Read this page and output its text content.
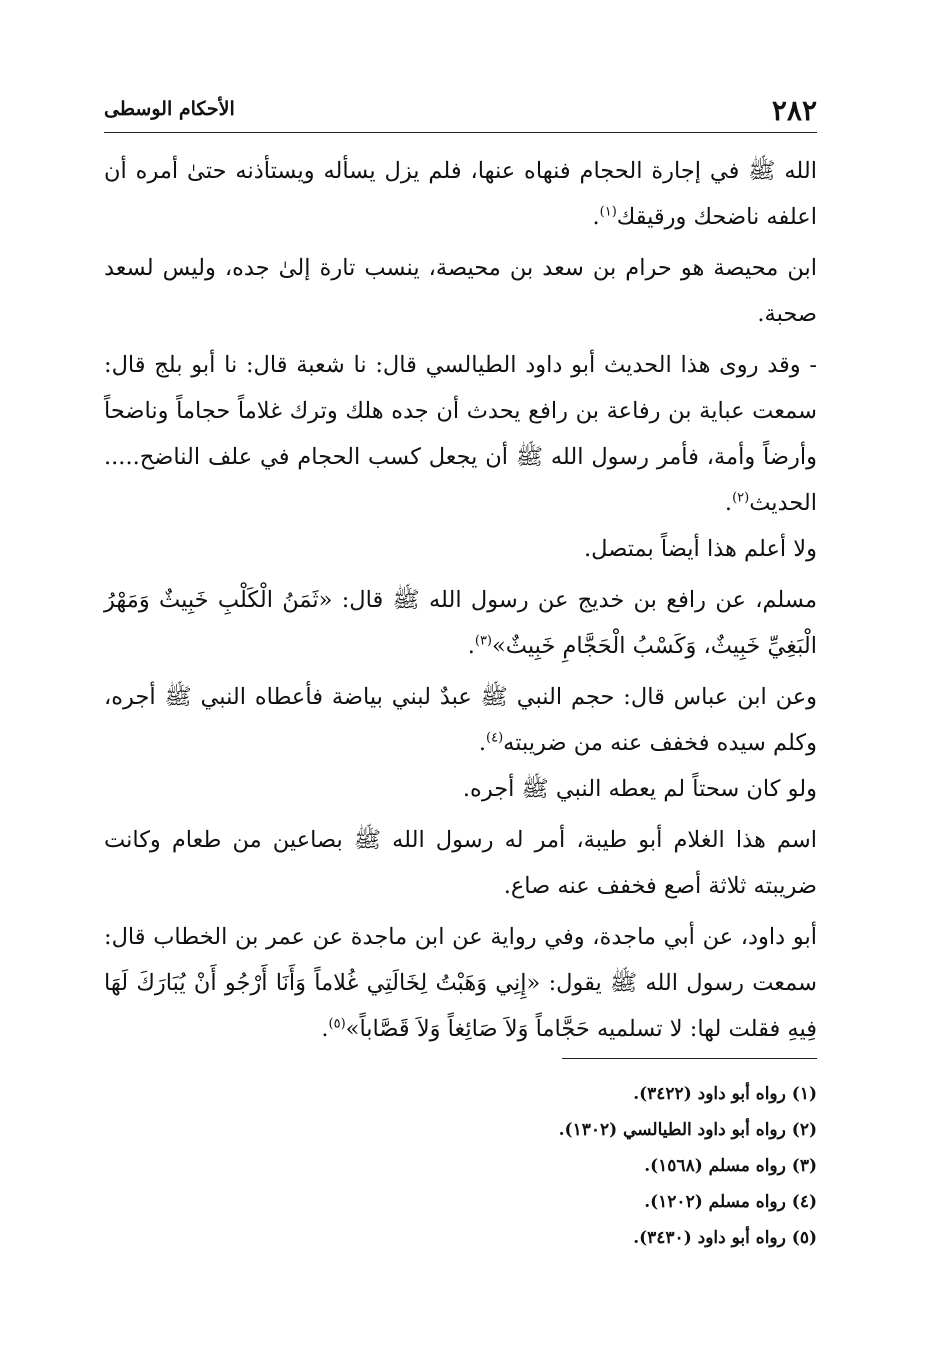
٢٨٢
الأحكام الوسطى

الله ﷺ في إجارة الحجام فنهاه عنها، فلم يزل يسأله ويستأذنه حتىٰ أمره أن اعلفه ناضحك ورقيقك$^{(١)}$.

ابن محيصة هو حرام بن سعد بن محيصة، ينسب تارة إلىٰ جده، وليس لسعد صحبة.

- وقد روى هذا الحديث أبو داود الطيالسي قال: نا شعبة قال: نا أبو بلج قال: سمعت عباية بن رفاعة بن رافع يحدث أن جده هلك وترك غلاماً حجاماً وناضحاً وأرضاً وأمة، فأمر رسول الله ﷺ أن يجعل كسب الحجام في علف الناضح..... الحديث$^{(٢)}$.

ولا أعلم هذا أيضاً بمتصل.

مسلم، عن رافع بن خديج عن رسول الله ﷺ قال: «ثَمَنُ الْكَلْبِ خَبِيثٌ وَمَهْرُ الْبَغِيِّ خَبِيثٌ، وَكَسْبُ الْحَجَّامِ خَبِيثٌ»$^{(٣)}$.

وعن ابن عباس قال: حجم النبي ﷺ عبدٌ لبني بياضة فأعطاه النبي ﷺ أجره، وكلم سيده فخفف عنه من ضريبته$^{(٤)}$.

ولو كان سحتاً لم يعطه النبي ﷺ أجره.

اسم هذا الغلام أبو طيبة، أمر له رسول الله ﷺ بصاعين من طعام وكانت ضريبته ثلاثة أصع فخفف عنه صاع.

أبو داود، عن أبي ماجدة، وفي رواية عن ابن ماجدة عن عمر بن الخطاب قال: سمعت رسول الله ﷺ يقول: «إِنِي وَهَبْتُ لِخَالَتِي غُلاماً وَأَنَا أَرْجُو أَنْ يُبَارَكَ لَهَا فِيهِ فقلت لها: لا تسلميه حَجَّاماً وَلاَ صَائِغاً وَلاَ قَصَّاباً»$^{(٥)}$.

(١) رواه أبو داود (٣٤٢٢).

(٢) رواه أبو داود الطيالسي (١٣٠٢).

(٣) رواه مسلم (١٥٦٨).

(٤) رواه مسلم (١٢٠٢).

(٥) رواه أبو داود (٣٤٣٠).
